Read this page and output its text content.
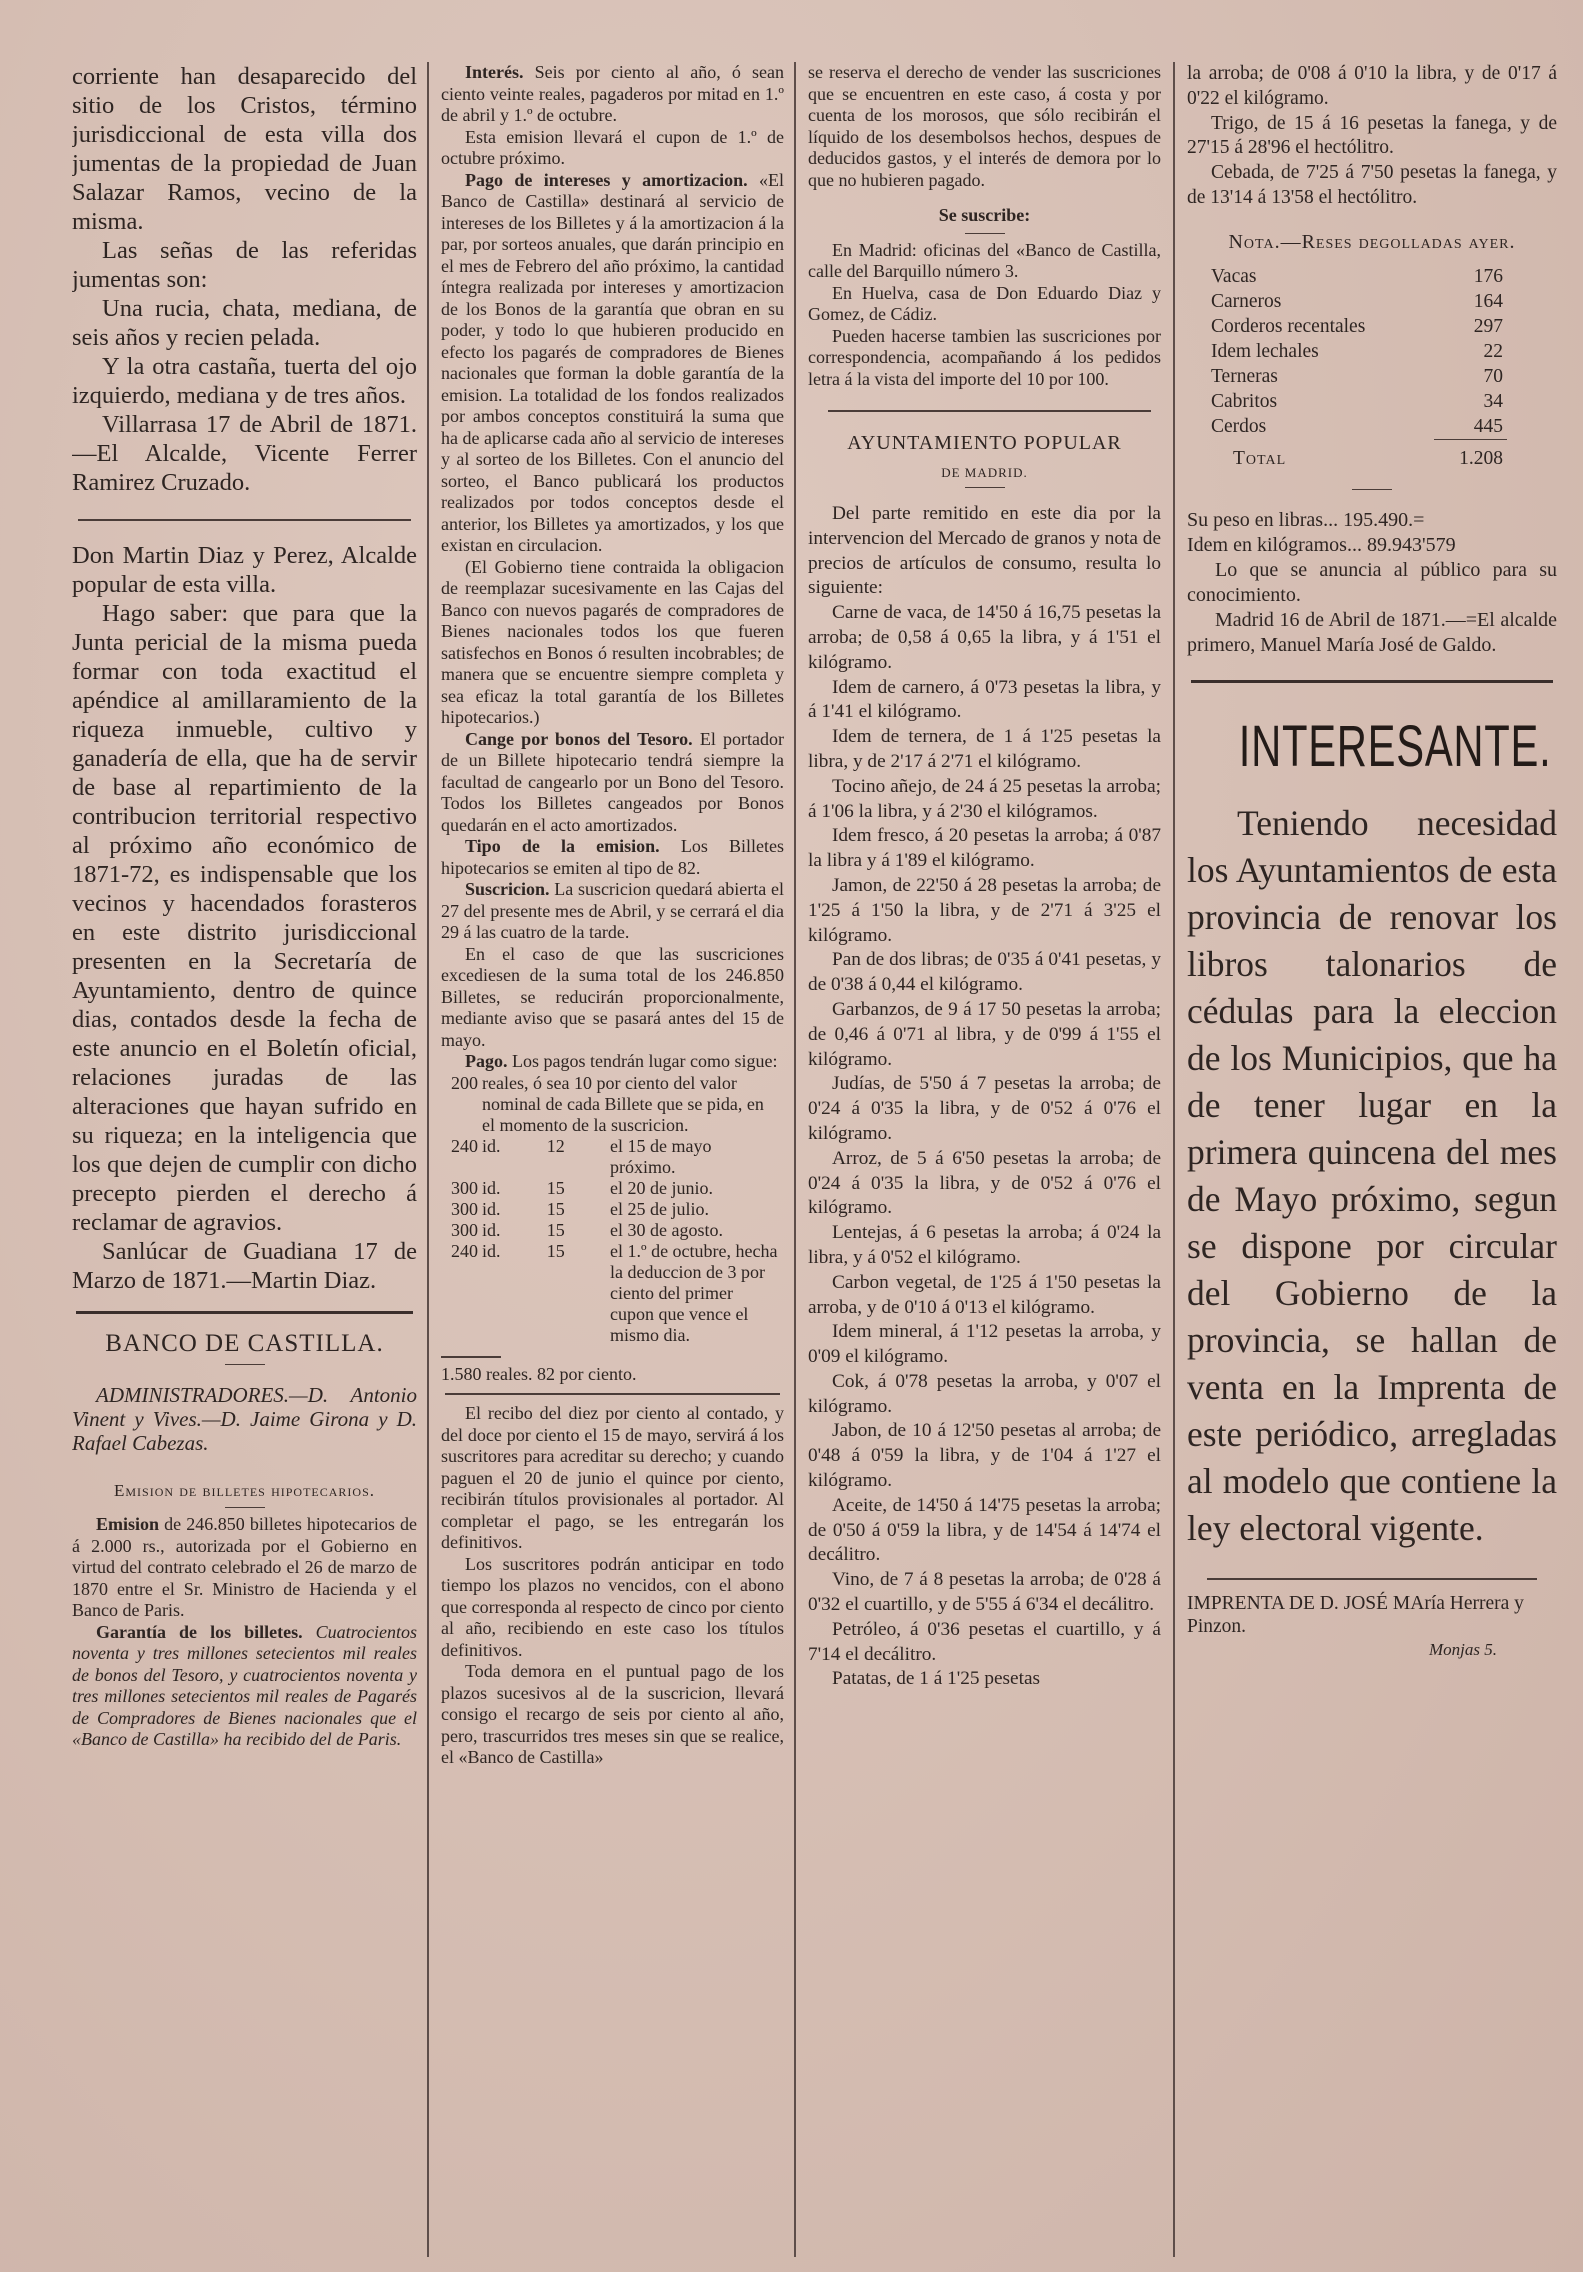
corriente han desaparecido del sitio de los Cristos, término jurisdiccional de esta villa dos jumentas de la propiedad de Juan Salazar Ramos, vecino de la misma.

Las señas de las referidas jumentas son:

Una rucia, chata, mediana, de seis años y recien pelada.

Y la otra castaña, tuerta del ojo izquierdo, mediana y de tres años.

Villarrasa 17 de Abril de 1871.—El Alcalde, Vicente Ferrer Ramirez Cruzado.

Don Martin Diaz y Perez, Alcalde popular de esta villa.

Hago saber: que para que la Junta pericial de la misma pueda formar con toda exactitud el apéndice al amillaramiento de la riqueza inmueble, cultivo y ganadería de ella, que ha de servir de base al repartimiento de la contribucion territorial respectivo al próximo año económico de 1871-72, es indispensable que los vecinos y hacendados forasteros en este distrito jurisdiccional presenten en la Secretaría de Ayuntamiento, dentro de quince dias, contados desde la fecha de este anuncio en el Boletín oficial, relaciones juradas de las alteraciones que hayan sufrido en su riqueza; en la inteligencia que los que dejen de cumplir con dicho precepto pierden el derecho á reclamar de agravios.

Sanlúcar de Guadiana 17 de Marzo de 1871.—Martin Diaz.

BANCO DE CASTILLA.

ADMINISTRADORES.—D. Antonio Vinent y Vives.—D. Jaime Girona y D. Rafael Cabezas.

Emision de billetes hipotecarios.

Emision de 246.850 billetes hipotecarios de á 2.000 rs., autorizada por el Gobierno en virtud del contrato celebrado el 26 de marzo de 1870 entre el Sr. Ministro de Hacienda y el Banco de Paris.

Garantía de los billetes. Cuatrocientos noventa y tres millones setecientos mil reales de bonos del Tesoro, y cuatrocientos noventa y tres millones setecientos mil reales de Pagarés de Compradores de Bienes nacionales que el «Banco de Castilla» ha recibido del de Paris.

Interés. Seis por ciento al año, ó sean ciento veinte reales, pagaderos por mitad en 1.º de abril y 1.º de octubre.

Esta emision llevará el cupon de 1.º de octubre próximo.

Pago de intereses y amortizacion. «El Banco de Castilla» destinará al servicio de intereses de los Billetes y á la amortizacion á la par, por sorteos anuales, que darán principio en el mes de Febrero del año próximo, la cantidad íntegra realizada por intereses y amortizacion de los Bonos de la garantía que obran en su poder, y todo lo que hubieren producido en efecto los pagarés de compradores de Bienes nacionales que forman la doble garantía de la emision. La totalidad de los fondos realizados por ambos conceptos constituirá la suma que ha de aplicarse cada año al servicio de intereses y al sorteo de los Billetes. Con el anuncio del sorteo, el Banco publicará los productos realizados por todos conceptos desde el anterior, los Billetes ya amortizados, y los que existan en circulacion.

(El Gobierno tiene contraida la obligacion de reemplazar sucesivamente en las Cajas del Banco con nuevos pagarés de compradores de Bienes nacionales todos los que fueren satisfechos en Bonos ó resulten incobrables; de manera que se encuentre siempre completa y sea eficaz la total garantía de los Billetes hipotecarios.)

Cange por bonos del Tesoro. El portador de un Billete hipotecario tendrá siempre la facultad de cangearlo por un Bono del Tesoro. Todos los Billetes cangeados por Bonos quedarán en el acto amortizados.

Tipo de la emision. Los Billetes hipotecarios se emiten al tipo de 82.

Suscricion. La suscricion quedará abierta el 27 del presente mes de Abril, y se cerrará el dia 29 á las cuatro de la tarde.

En el caso de que las suscriciones excediesen de la suma total de los 246.850 Billetes, se reducirán proporcionalmente, mediante aviso que se pasará antes del 15 de mayo.

Pago. Los pagos tendrán lugar como sigue:

200	reales, ó sea 10 por ciento del valor nominal de cada Billete que se pida, en el momento de la suscricion.		
240	id.	12	el 15 de mayo próximo.
300	id.	15	el 20 de junio.
300	id.	15	el 25 de julio.
300	id.	15	el 30 de agosto.
240	id.	15	el 1.º de octubre, hecha la deduccion de 3 por ciento del primer cupon que vence el mismo dia.

1.580 reales. 82 por ciento.

El recibo del diez por ciento al contado, y del doce por ciento el 15 de mayo, servirá á los suscritores para acreditar su derecho; y cuando paguen el 20 de junio el quince por ciento, recibirán títulos provisionales al portador. Al completar el pago, se les entregarán los definitivos.

Los suscritores podrán anticipar en todo tiempo los plazos no vencidos, con el abono que corresponda al respecto de cinco por ciento al año, recibiendo en este caso los títulos definitivos.

Toda demora en el puntual pago de los plazos sucesivos al de la suscricion, llevará consigo el recargo de seis por ciento al año, pero, trascurridos tres meses sin que se realice, el «Banco de Castilla»

se reserva el derecho de vender las suscriciones que se encuentren en este caso, á costa y por cuenta de los morosos, que sólo recibirán el líquido de los desembolsos hechos, despues de deducidos gastos, y el interés de demora por lo que no hubieren pagado.

Se suscribe:

En Madrid: oficinas del «Banco de Castilla, calle del Barquillo número 3.

En Huelva, casa de Don Eduardo Diaz y Gomez, de Cádiz.

Pueden hacerse tambien las suscriciones por correspondencia, acompañando á los pedidos letra á la vista del importe del 10 por 100.

AYUNTAMIENTO POPULAR
DE MADRID.

Del parte remitido en este dia por la intervencion del Mercado de granos y nota de precios de artículos de consumo, resulta lo siguiente:

Carne de vaca, de 14'50 á 16,75 pesetas la arroba; de 0,58 á 0,65 la libra, y á 1'51 el kilógramo.

Idem de carnero, á 0'73 pesetas la libra, y á 1'41 el kilógramo.

Idem de ternera, de 1 á 1'25 pesetas la libra, y de 2'17 á 2'71 el kilógramo.

Tocino añejo, de 24 á 25 pesetas la arroba; á 1'06 la libra, y á 2'30 el kilógramos.

Idem fresco, á 20 pesetas la arroba; á 0'87 la libra y á 1'89 el kilógramo.

Jamon, de 22'50 á 28 pesetas la arroba; de 1'25 á 1'50 la libra, y de 2'71 á 3'25 el kilógramo.

Pan de dos libras; de 0'35 á 0'41 pesetas, y de 0'38 á 0,44 el kilógramo.

Garbanzos, de 9 á 17 50 pesetas la arroba; de 0,46 á 0'71 al libra, y de 0'99 á 1'55 el kilógramo.

Judías, de 5'50 á 7 pesetas la arroba; de 0'24 á 0'35 la libra, y de 0'52 á 0'76 el kilógramo.

Arroz, de 5 á 6'50 pesetas la arroba; de 0'24 á 0'35 la libra, y de 0'52 á 0'76 el kilógramo.

Lentejas, á 6 pesetas la arroba; á 0'24 la libra, y á 0'52 el kilógramo.

Carbon vegetal, de 1'25 á 1'50 pesetas la arroba, y de 0'10 á 0'13 el kilógramo.

Idem mineral, á 1'12 pesetas la arroba, y 0'09 el kilógramo.

Cok, á 0'78 pesetas la arroba, y 0'07 el kilógramo.

Jabon, de 10 á 12'50 pesetas al arroba; de 0'48 á 0'59 la libra, y de 1'04 á 1'27 el kilógramo.

Aceite, de 14'50 á 14'75 pesetas la arroba; de 0'50 á 0'59 la libra, y de 14'54 á 14'74 el decálitro.

Vino, de 7 á 8 pesetas la arroba; de 0'28 á 0'32 el cuartillo, y de 5'55 á 6'34 el decálitro.

Petróleo, á 0'36 pesetas el cuartillo, y á 7'14 el decálitro.

Patatas, de 1 á 1'25 pesetas

la arroba; de 0'08 á 0'10 la libra, y de 0'17 á 0'22 el kilógramo.

Trigo, de 15 á 16 pesetas la fanega, y de 27'15 á 28'96 el hectólitro.

Cebada, de 7'25 á 7'50 pesetas la fanega, y de 13'14 á 13'58 el hectólitro.

Nota.—Reses degolladas ayer.
Vacas	176
Carneros	164
Corderos recentales	297
Idem lechales	22
Terneras	70
Cabritos	34
Cerdos	445

Total	1.208

Su peso en libras... 195.490.=

Idem en kilógramos... 89.943'579

Lo que se anuncia al público para su conocimiento.

Madrid 16 de Abril de 1871.—=El alcalde primero, Manuel María José de Galdo.

INTERESANTE.

Teniendo necesidad los Ayuntamientos de esta provincia de renovar los libros talonarios de cédulas para la eleccion de los Municipios, que ha de tener lugar en la primera quincena del mes de Mayo próximo, segun se dispone por circular del Gobierno de la provincia, se hallan de venta en la Imprenta de este periódico, arregladas al modelo que contiene la ley electoral vigente.

IMPRENTA DE D. JOSÉ MAría Herrera y Pinzon.
Monjas 5.
